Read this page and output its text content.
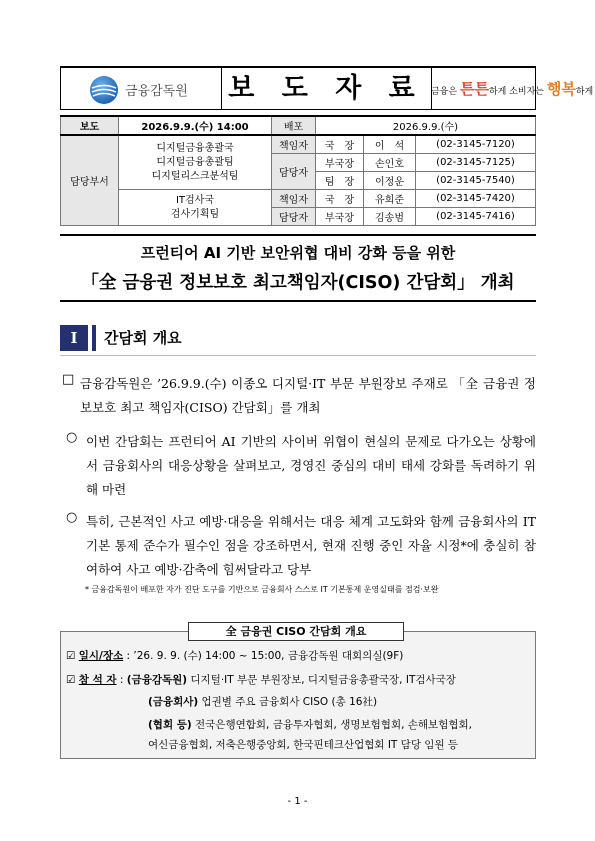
금융감독원 보 도 자 료 금융은 튼튼하게 소비자는 행복하게
보도	2026.9.9.(수) 14:00	배포	2026.9.9.(수)		
담당부서	디지털금융총괄국
디지털금융총괄팀
디지털리스크분석팀	책임자	국　장	이　석	(02-3145-7120)
		담당자	부국장	손인호	(02-3145-7125)
			팀　장	이정운	(02-3145-7540)

	IT검사국
검사기획팀	책임자	국　장	유희준	(02-3145-7420)
		담당자	부국장	김송범	(02-3145-7416)
프런티어 AI 기반 보안위협 대비 강화 등을 위한
「全 금융권 정보보호 최고책임자(CISO) 간담회」 개최
Ⅰ	간담회 개요
□ 금융감독원은 ’26.9.9.(수) 이종오 디지털·IT 부문 부원장보 주재로 「全 금융권 정보보호 최고 책임자(CISO) 간담회」를 개최
○ 이번 간담회는 프런티어 AI 기반의 사이버 위협이 현실의 문제로 다가오는 상황에서 금융회사의 대응상황을 살펴보고, 경영진 중심의 대비 태세 강화를 독려하기 위해 마련
○ 특히, 근본적인 사고 예방·대응을 위해서는 대응 체계 고도화와 함께 금융회사의 IT 기본 통제 준수가 필수인 점을 강조하면서, 현재 진행 중인 자율 시정*에 충실히 참여하여 사고 예방·감축에 힘써달라고 당부
* 금융감독원이 배포한 자가 진단 도구를 기반으로 금융회사 스스로 IT 기본통제 운영실태를 점검·보완
全 금융권 CISO 간담회 개요
☑ 일시/장소 : ’26. 9. 9. (수) 14:00 ~ 15:00, 금융감독원 대회의실(9F)
☑ 참 석 자 : (금융감독원) 디지털·IT 부문 부원장보, 디지털금융총괄국장, IT검사국장
(금융회사) 업권별 주요 금융회사 CISO (총 16社)
(협회 등) 전국은행연합회, 금융투자협회, 생명보험협회, 손해보험협회,
여신금융협회, 저축은행중앙회, 한국핀테크산업협회 IT 담당 임원 등
- 1 -
